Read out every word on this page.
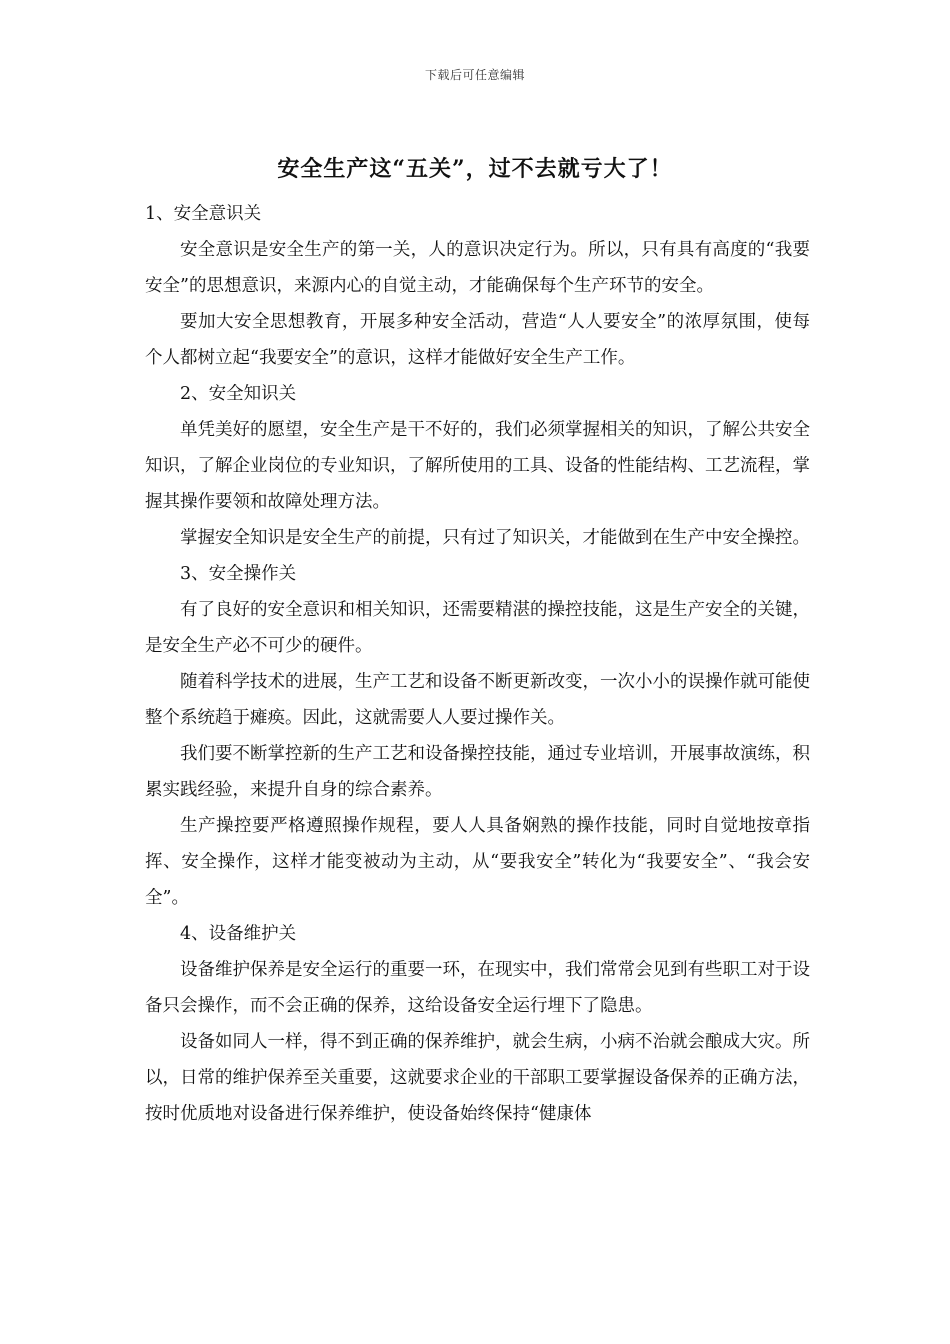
下载后可任意编辑
安全生产这“五关”，过不去就亏大了！

1、安全意识关

安全意识是安全生产的第一关，人的意识决定行为。所以，只有具有高度的“我要安全”的思想意识，来源内心的自觉主动，才能确保每个生产环节的安全。

要加大安全思想教育，开展多种安全活动，营造“人人要安全”的浓厚氛围，使每个人都树立起“我要安全”的意识，这样才能做好安全生产工作。

2、安全知识关

单凭美好的愿望，安全生产是干不好的，我们必须掌握相关的知识，了解公共安全知识，了解企业岗位的专业知识，了解所使用的工具、设备的性能结构、工艺流程，掌握其操作要领和故障处理方法。

掌握安全知识是安全生产的前提，只有过了知识关，才能做到在生产中安全操控。

3、安全操作关

有了良好的安全意识和相关知识，还需要精湛的操控技能，这是生产安全的关键，是安全生产必不可少的硬件。

随着科学技术的进展，生产工艺和设备不断更新改变，一次小小的误操作就可能使整个系统趋于瘫痪。因此，这就需要人人要过操作关。

我们要不断掌控新的生产工艺和设备操控技能，通过专业培训，开展事故演练，积累实践经验，来提升自身的综合素养。

生产操控要严格遵照操作规程，要人人具备娴熟的操作技能，同时自觉地按章指挥、安全操作，这样才能变被动为主动，从“要我安全”转化为“我要安全”、“我会安全”。

4、设备维护关

设备维护保养是安全运行的重要一环，在现实中，我们常常会见到有些职工对于设备只会操作，而不会正确的保养，这给设备安全运行埋下了隐患。

设备如同人一样，得不到正确的保养维护，就会生病，小病不治就会酿成大灾。所以，日常的维护保养至关重要，这就要求企业的干部职工要掌握设备保养的正确方法，按时优质地对设备进行保养维护，使设备始终保持“健康体
